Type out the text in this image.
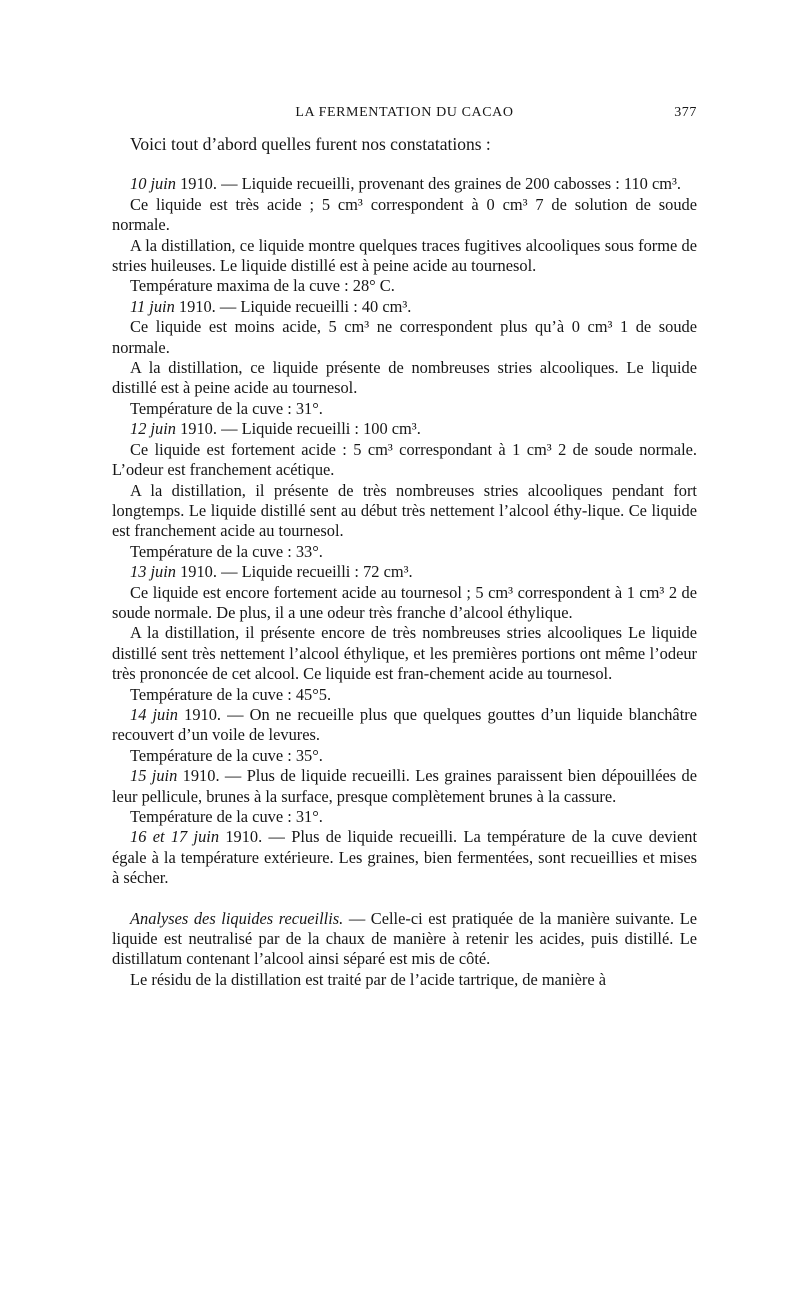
LA FERMENTATION DU CACAO	377

Voici tout d’abord quelles furent nos constatations :

10 juin 1910. — Liquide recueilli, provenant des graines de 200 cabosses : 110 cm³.

Ce liquide est très acide ; 5 cm³ correspondent à 0 cm³ 7 de solution de soude normale.

A la distillation, ce liquide montre quelques traces fugitives alcooliques sous forme de stries huileuses. Le liquide distillé est à peine acide au tournesol.

Température maxima de la cuve : 28° C.

11 juin 1910. — Liquide recueilli : 40 cm³.

Ce liquide est moins acide, 5 cm³ ne correspondent plus qu’à 0 cm³ 1 de soude normale.

A la distillation, ce liquide présente de nombreuses stries alcooliques. Le liquide distillé est à peine acide au tournesol.

Température de la cuve : 31°.

12 juin 1910. — Liquide recueilli : 100 cm³.

Ce liquide est fortement acide : 5 cm³ correspondant à 1 cm³ 2 de soude normale. L’odeur est franchement acétique.

A la distillation, il présente de très nombreuses stries alcooliques pendant fort longtemps. Le liquide distillé sent au début très nettement l’alcool éthy-lique. Ce liquide est franchement acide au tournesol.

Température de la cuve : 33°.

13 juin 1910. — Liquide recueilli : 72 cm³.

Ce liquide est encore fortement acide au tournesol ; 5 cm³ correspondent à 1 cm³ 2 de soude normale. De plus, il a une odeur très franche d’alcool éthylique.

A la distillation, il présente encore de très nombreuses stries alcooliques Le liquide distillé sent très nettement l’alcool éthylique, et les premières portions ont même l’odeur très prononcée de cet alcool. Ce liquide est fran-chement acide au tournesol.

Température de la cuve : 45°5.

14 juin 1910. — On ne recueille plus que quelques gouttes d’un liquide blanchâtre recouvert d’un voile de levures.

Température de la cuve : 35°.

15 juin 1910. — Plus de liquide recueilli. Les graines paraissent bien dépouillées de leur pellicule, brunes à la surface, presque complètement brunes à la cassure.

Température de la cuve : 31°.

16 et 17 juin 1910. — Plus de liquide recueilli. La température de la cuve devient égale à la température extérieure. Les graines, bien fermentées, sont recueillies et mises à sécher.

Analyses des liquides recueillis. — Celle-ci est pratiquée de la manière suivante. Le liquide est neutralisé par de la chaux de manière à retenir les acides, puis distillé. Le distillatum contenant l’alcool ainsi séparé est mis de côté.

Le résidu de la distillation est traité par de l’acide tartrique, de manière à
